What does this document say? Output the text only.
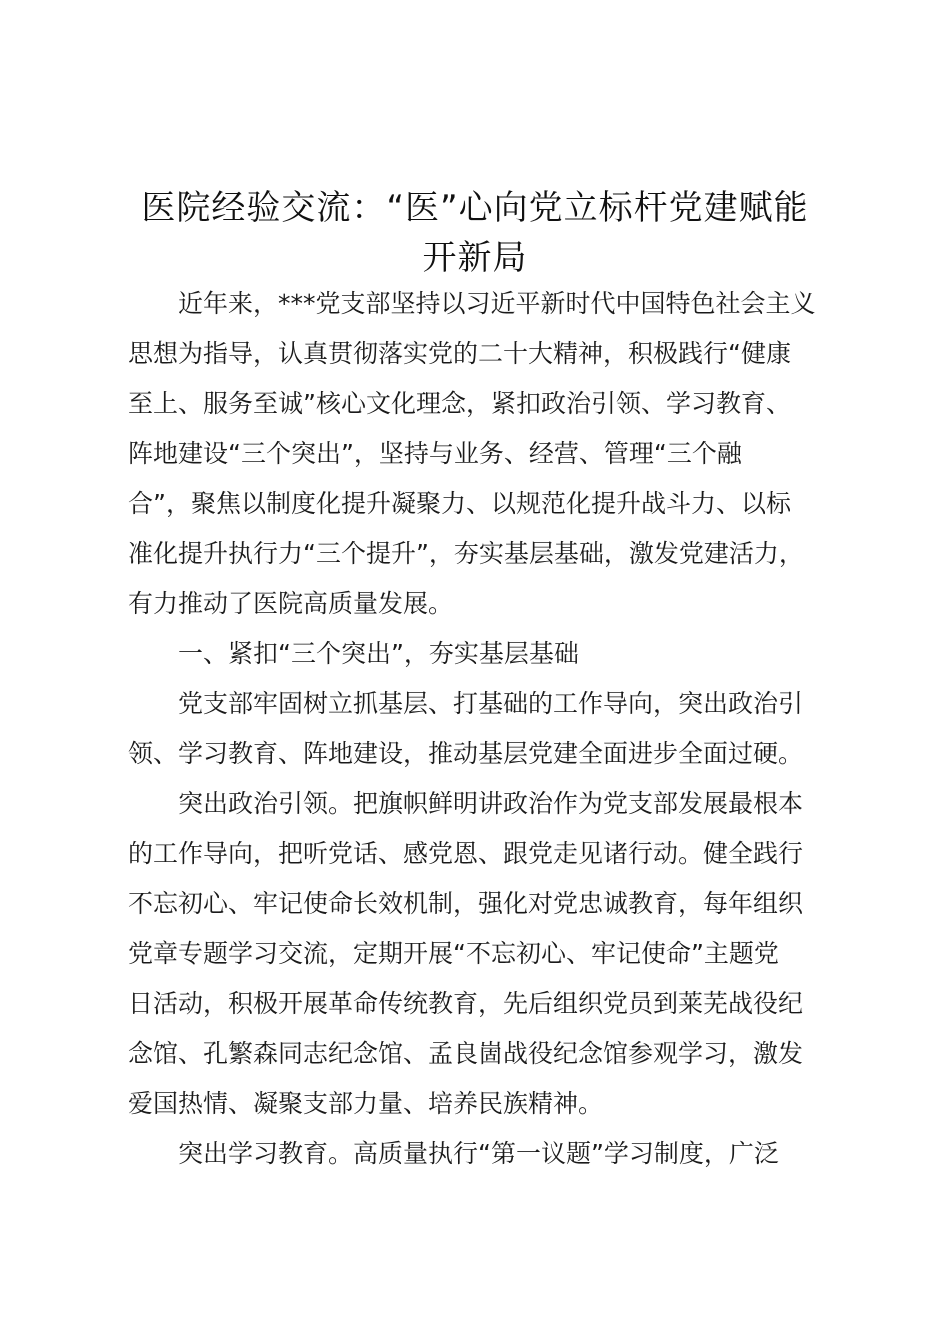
医院经验交流：“医”心向党立标杆党建赋能
开新局
近年来，***党支部坚持以习近平新时代中国特色社会主义
思想为指导，认真贯彻落实党的二十大精神，积极践行“健康
至上、服务至诚”核心文化理念，紧扣政治引领、学习教育、
阵地建设“三个突出”，坚持与业务、经营、管理“三个融
合”，聚焦以制度化提升凝聚力、以规范化提升战斗力、以标
准化提升执行力“三个提升”，夯实基层基础，激发党建活力，
有力推动了医院高质量发展。
一、紧扣“三个突出”，夯实基层基础
党支部牢固树立抓基层、打基础的工作导向，突出政治引
领、学习教育、阵地建设，推动基层党建全面进步全面过硬。
突出政治引领。把旗帜鲜明讲政治作为党支部发展最根本
的工作导向，把听党话、感党恩、跟党走见诸行动。健全践行
不忘初心、牢记使命长效机制，强化对党忠诚教育，每年组织
党章专题学习交流，定期开展“不忘初心、牢记使命”主题党
日活动，积极开展革命传统教育，先后组织党员到莱芜战役纪
念馆、孔繁森同志纪念馆、孟良崮战役纪念馆参观学习，激发
爱国热情、凝聚支部力量、培养民族精神。
突出学习教育。高质量执行“第一议题”学习制度，广泛
